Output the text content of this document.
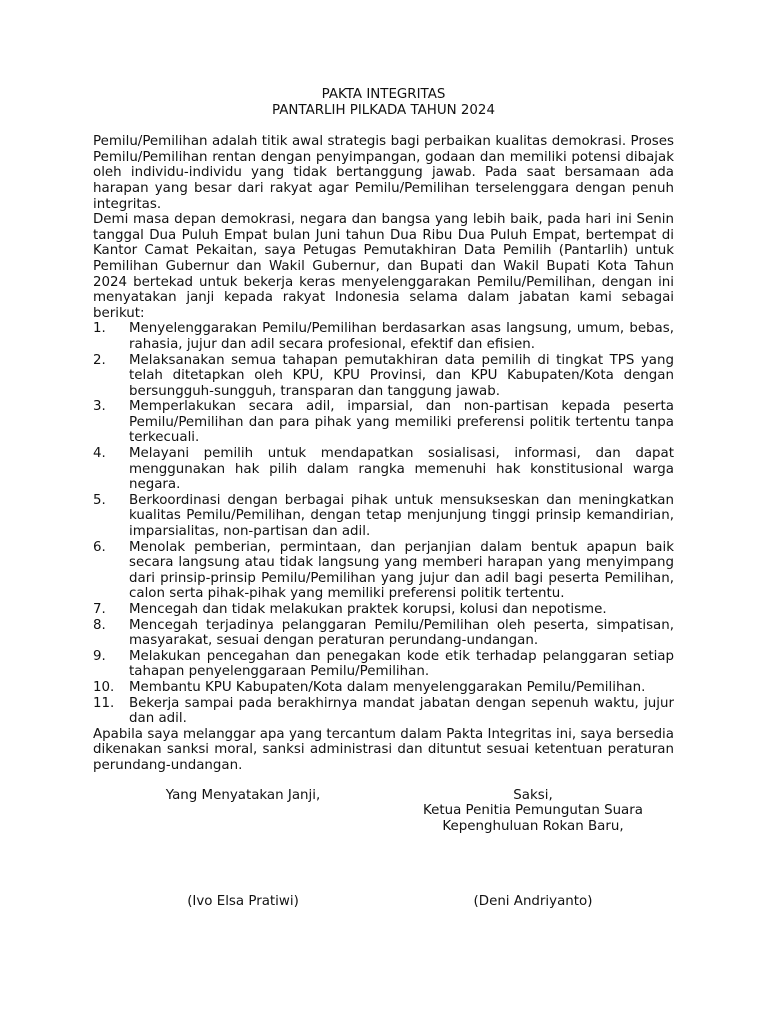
PAKTA INTEGRITAS
PANTARLIH PILKADA TAHUN 2024

Pemilu/Pemilihan adalah titik awal strategis bagi perbaikan kualitas demokrasi. Proses Pemilu/Pemilihan rentan dengan penyimpangan, godaan dan memiliki potensi dibajak oleh individu-individu yang tidak bertanggung jawab. Pada saat bersamaan ada harapan yang besar dari rakyat agar Pemilu/Pemilihan terselenggara dengan penuh integritas.

Demi masa depan demokrasi, negara dan bangsa yang lebih baik, pada hari ini Senin tanggal Dua Puluh Empat bulan Juni tahun Dua Ribu Dua Puluh Empat, bertempat di Kantor Camat Pekaitan, saya Petugas Pemutakhiran Data Pemilih (Pantarlih) untuk Pemilihan Gubernur dan Wakil Gubernur, dan Bupati dan Wakil Bupati Kota Tahun 2024 bertekad untuk bekerja keras menyelenggarakan Pemilu/Pemilihan, dengan ini menyatakan janji kepada rakyat Indonesia selama dalam jabatan kami sebagai berikut:

1.	Menyelenggarakan Pemilu/Pemilihan berdasarkan asas langsung, umum, bebas, rahasia, jujur dan adil secara profesional, efektif dan efisien.
2.	Melaksanakan semua tahapan pemutakhiran data pemilih di tingkat TPS yang telah ditetapkan oleh KPU, KPU Provinsi, dan KPU Kabupaten/Kota dengan bersungguh-sungguh, transparan dan tanggung jawab.
3.	Memperlakukan secara adil, imparsial, dan non-partisan kepada peserta Pemilu/Pemilihan dan para pihak yang memiliki preferensi politik tertentu tanpa terkecuali.
4.	Melayani pemilih untuk mendapatkan sosialisasi, informasi, dan dapat menggunakan hak pilih dalam rangka memenuhi hak konstitusional warga negara.
5.	Berkoordinasi dengan berbagai pihak untuk mensukseskan dan meningkatkan kualitas Pemilu/Pemilihan, dengan tetap menjunjung tinggi prinsip kemandirian, imparsialitas, non-partisan dan adil.
6.	Menolak pemberian, permintaan, dan perjanjian dalam bentuk apapun baik secara langsung atau tidak langsung yang memberi harapan yang menyimpang dari prinsip-prinsip Pemilu/Pemilihan yang jujur dan adil bagi peserta Pemilihan, calon serta pihak-pihak yang memiliki preferensi politik tertentu.
7.	Mencegah dan tidak melakukan praktek korupsi, kolusi dan nepotisme.
8.	Mencegah terjadinya pelanggaran Pemilu/Pemilihan oleh peserta, simpatisan, masyarakat, sesuai dengan peraturan perundang-undangan.
9.	Melakukan pencegahan dan penegakan kode etik terhadap pelanggaran setiap tahapan penyelenggaraan Pemilu/Pemilihan.
10.	Membantu KPU Kabupaten/Kota dalam menyelenggarakan Pemilu/Pemilihan.
11.	Bekerja sampai pada berakhirnya mandat jabatan dengan sepenuh waktu, jujur dan adil.

Apabila saya melanggar apa yang tercantum dalam Pakta Integritas ini, saya bersedia dikenakan sanksi moral, sanksi administrasi dan dituntut sesuai ketentuan peraturan perundang-undangan.

Yang Menyatakan Janji,	Saksi,
Ketua Penitia Pemungutan Suara
Kepenghuluan Rokan Baru,
(Ivo Elsa Pratiwi)	(Deni Andriyanto)
